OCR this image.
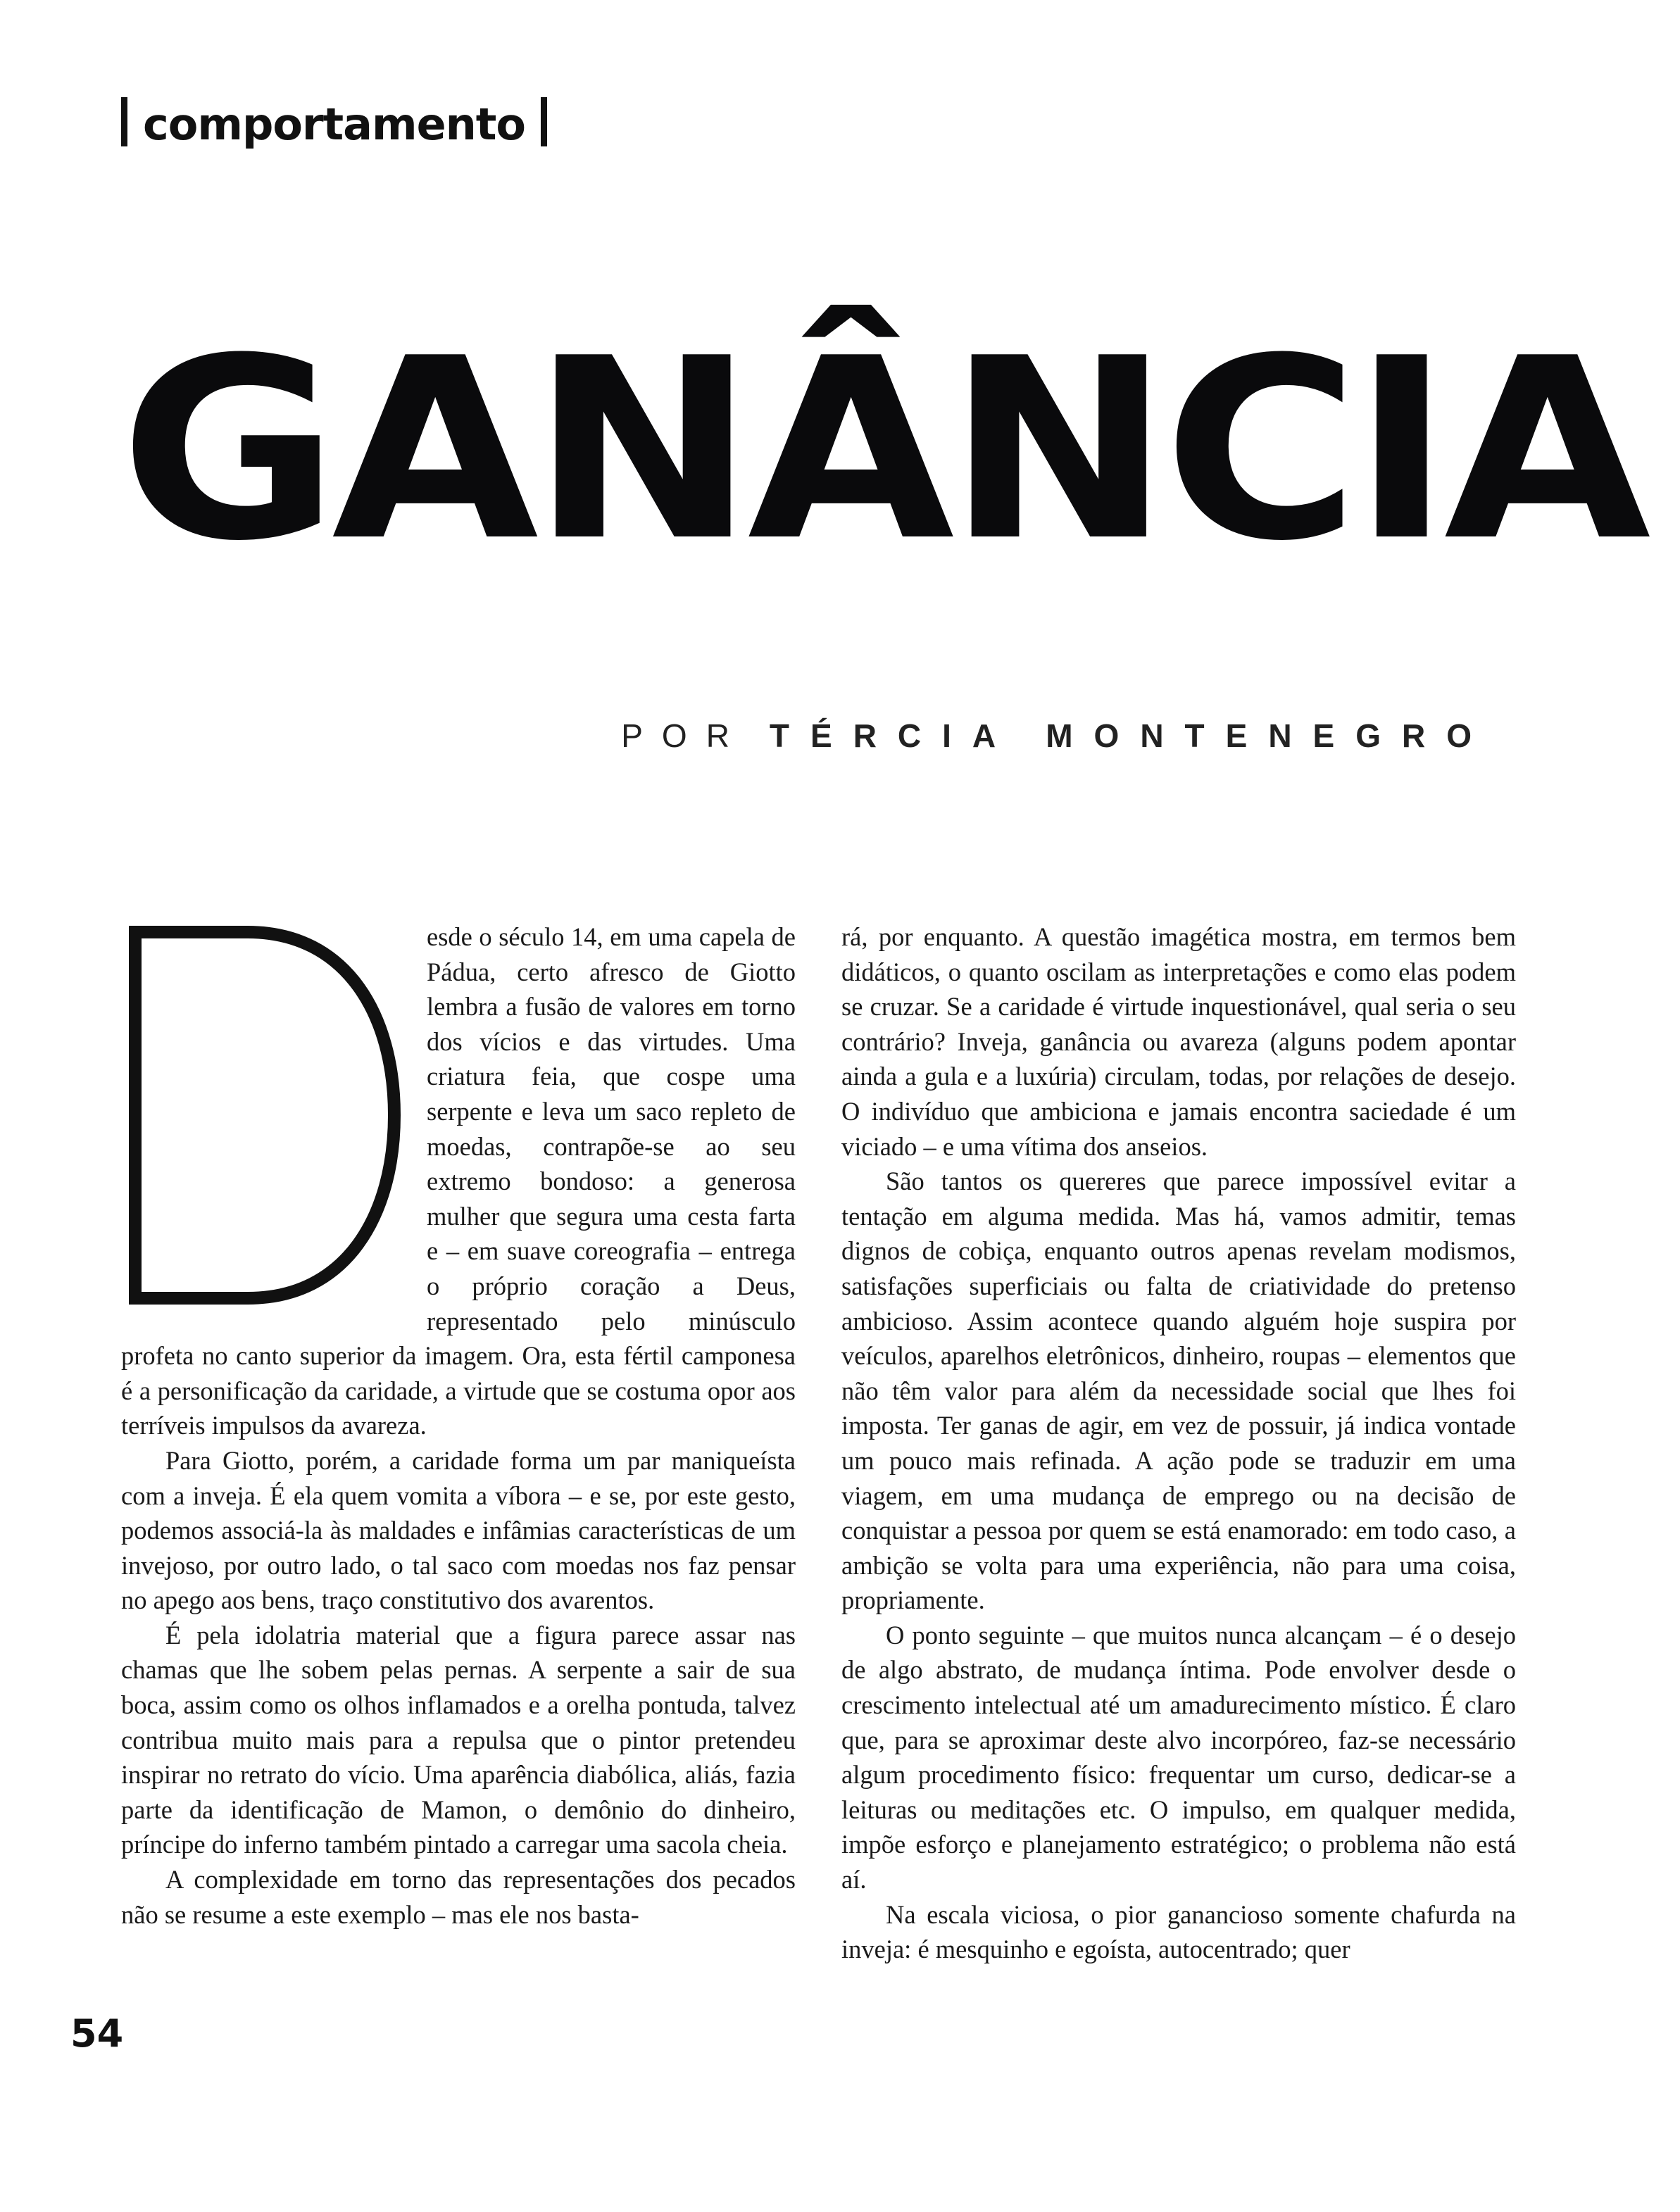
comportamento
GANÂNCIA
POR TÉRCIA MONTENEGRO

esde o século 14, em uma capela de Pádua, certo afresco de Giotto lembra a fusão de valores em torno dos vícios e das virtudes. Uma criatura feia, que cospe uma serpente e leva um saco repleto de moedas, contrapõe-se ao seu extremo bondoso: a generosa mulher que segura uma cesta farta e – em suave coreografia – entrega o próprio coração a Deus, representado pelo minúsculo profeta no canto superior da imagem. Ora, esta fértil camponesa é a personificação da caridade, a virtude que se costuma opor aos terríveis impulsos da avareza.

Para Giotto, porém, a caridade forma um par maniqueísta com a inveja. É ela quem vomita a víbora – e se, por este gesto, podemos associá-la às maldades e infâmias características de um invejoso, por outro lado, o tal saco com moedas nos faz pensar no apego aos bens, traço constitutivo dos avarentos.

É pela idolatria material que a figura parece assar nas chamas que lhe sobem pelas pernas. A serpente a sair de sua boca, assim como os olhos inflamados e a orelha pontuda, talvez contribua muito mais para a repulsa que o pintor pretendeu inspirar no retrato do vício. Uma aparência diabólica, aliás, fazia parte da identificação de Mamon, o demônio do dinheiro, príncipe do inferno também pintado a carregar uma sacola cheia.

A complexidade em torno das representações dos pecados não se resume a este exemplo – mas ele nos basta-

rá, por enquanto. A questão imagética mostra, em termos bem didáticos, o quanto oscilam as interpretações e como elas podem se cruzar. Se a caridade é virtude inquestionável, qual seria o seu contrário? Inveja, ganância ou avareza (alguns podem apontar ainda a gula e a luxúria) circulam, todas, por relações de desejo. O indivíduo que ambiciona e jamais encontra saciedade é um viciado – e uma vítima dos anseios.

São tantos os quereres que parece impossível evitar a tentação em alguma medida. Mas há, vamos admitir, temas dignos de cobiça, enquanto outros apenas revelam modismos, satisfações superficiais ou falta de criatividade do pretenso ambicioso. Assim acontece quando alguém hoje suspira por veículos, aparelhos eletrônicos, dinheiro, roupas – elementos que não têm valor para além da necessidade social que lhes foi imposta. Ter ganas de agir, em vez de possuir, já indica vontade um pouco mais refinada. A ação pode se traduzir em uma viagem, em uma mudança de emprego ou na decisão de conquistar a pessoa por quem se está enamorado: em todo caso, a ambição se volta para uma experiência, não para uma coisa, propriamente.

O ponto seguinte – que muitos nunca alcançam – é o desejo de algo abstrato, de mudança íntima. Pode envolver desde o crescimento intelectual até um amadurecimento místico. É claro que, para se aproximar deste alvo incorpóreo, faz-se necessário algum procedimento físico: frequentar um curso, dedicar-se a leituras ou meditações etc. O impulso, em qualquer medida, impõe esforço e planejamento estratégico; o problema não está aí.

Na escala viciosa, o pior ganancioso somente chafurda na inveja: é mesquinho e egoísta, autocentrado; quer

54
